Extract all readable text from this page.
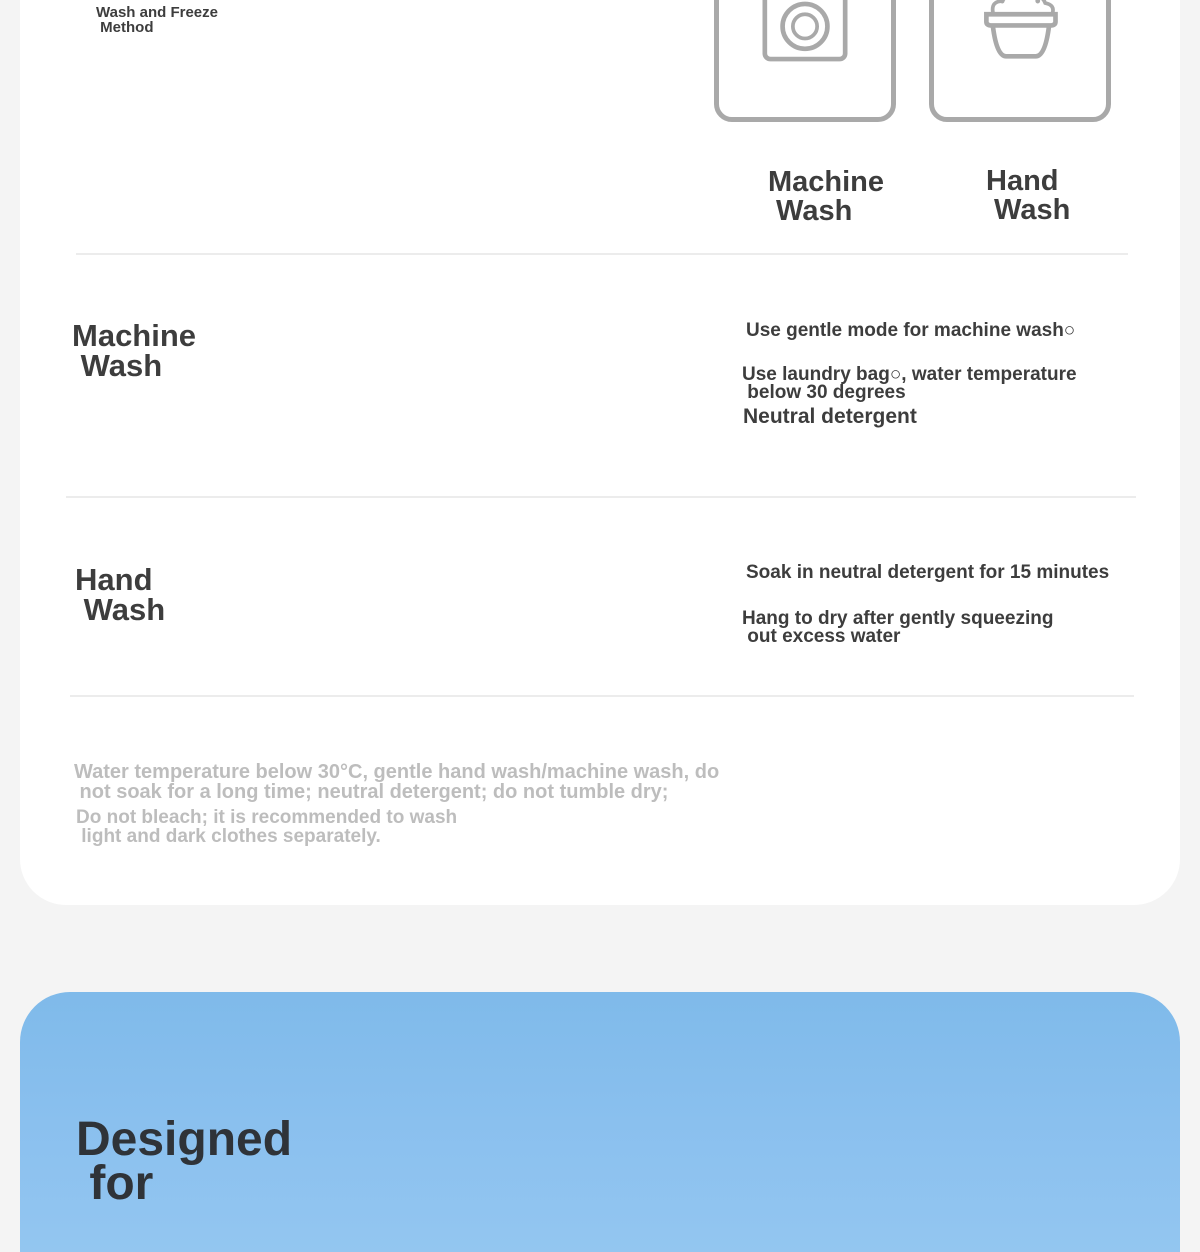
Wash and Freeze
Method
Machine
Wash
Hand
Wash
Machine
Wash
Use gentle mode for machine wash○
Use laundry bag○, water temperature
below 30 degrees
Neutral detergent
Hand
Wash
Soak in neutral detergent for 15 minutes
Hang to dry after gently squeezing
out excess water
Water temperature below 30°C, gentle hand wash/machine wash, do
not soak for a long time; neutral detergent; do not tumble dry;
Do not bleach; it is recommended to wash
light and dark clothes separately.
Designed
for
